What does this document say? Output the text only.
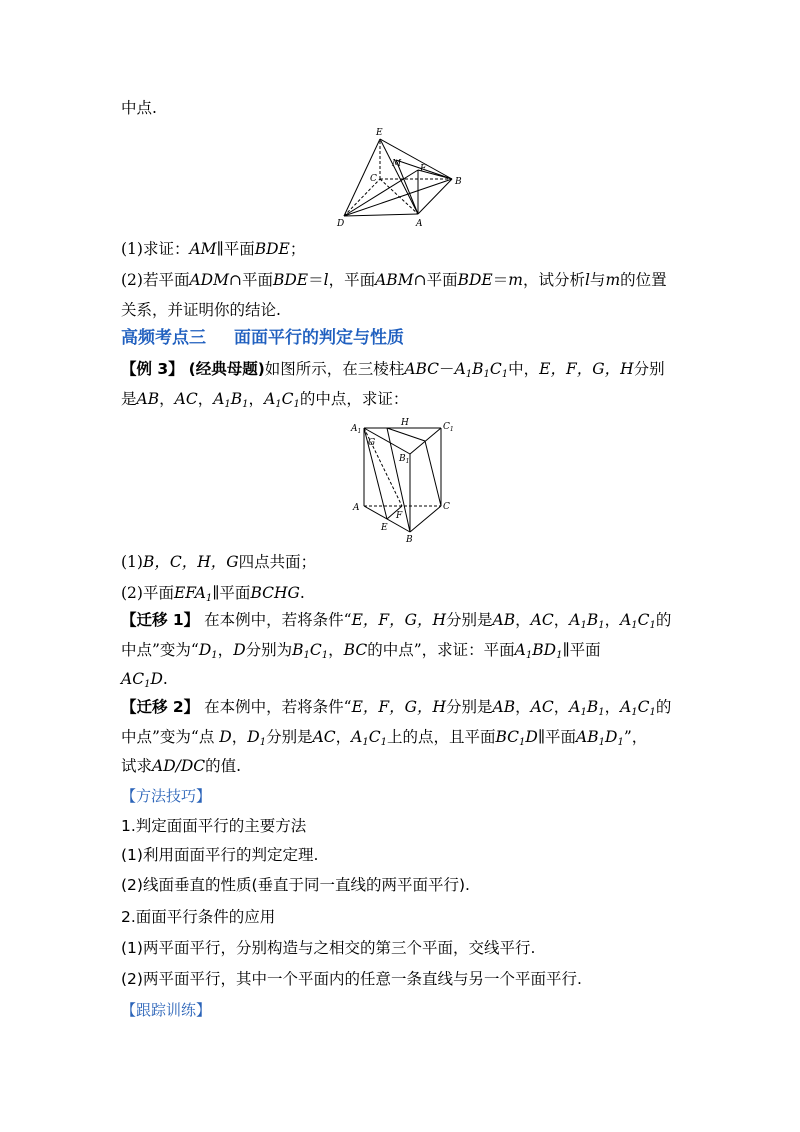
中点.
E
M
C
F
B
D	A
(1)求证：AM∥平面BDE；
(2)若平面ADM∩平面BDE＝l，平面ABM∩平面BDE＝m，试分析l与m的位置
关系，并证明你的结论.
高频考点三 面面平行的判定与性质
【例 3】 (经典母题)如图所示，在三棱柱$ABC-A_1B_1C_1$中，E，F，G，H分别
是AB，AC，$A_1B_1$，$A_1C_1$的中点，求证：
$A_1$
G
H	$C_1$
$B_1$
A
F
E
C
B
(1)B，C，H，G四点共面；
(2)平面$EFA_1\parallel$平面BCHG.
【迁移 1】 在本例中，若将条件“E，F，G，H分别是AB，AC，$A_1B_1$，$A_1C_1$的
中点”变为“$D_1$，D分别为$B_1C_1$，BC的中点”，求证：平面$A_1BD_1\parallel$平面
$AC_1D$.
【迁移 2】 在本例中，若将条件“E，F，G，H分别是AB，AC，$A_1B_1$，$A_1C_1$的
中点”变为“点 D，$D_1$分别是AC，$A_1C_1$上的点，且平面$BC_1D\parallel$平面$AB_1D_1$”，
试求AD/DC的值.
【方法技巧】
1.判定面面平行的主要方法
(1)利用面面平行的判定定理.
(2)线面垂直的性质(垂直于同一直线的两平面平行).
2.面面平行条件的应用
(1)两平面平行，分别构造与之相交的第三个平面，交线平行.
(2)两平面平行，其中一个平面内的任意一条直线与另一个平面平行.
【跟踪训练】
